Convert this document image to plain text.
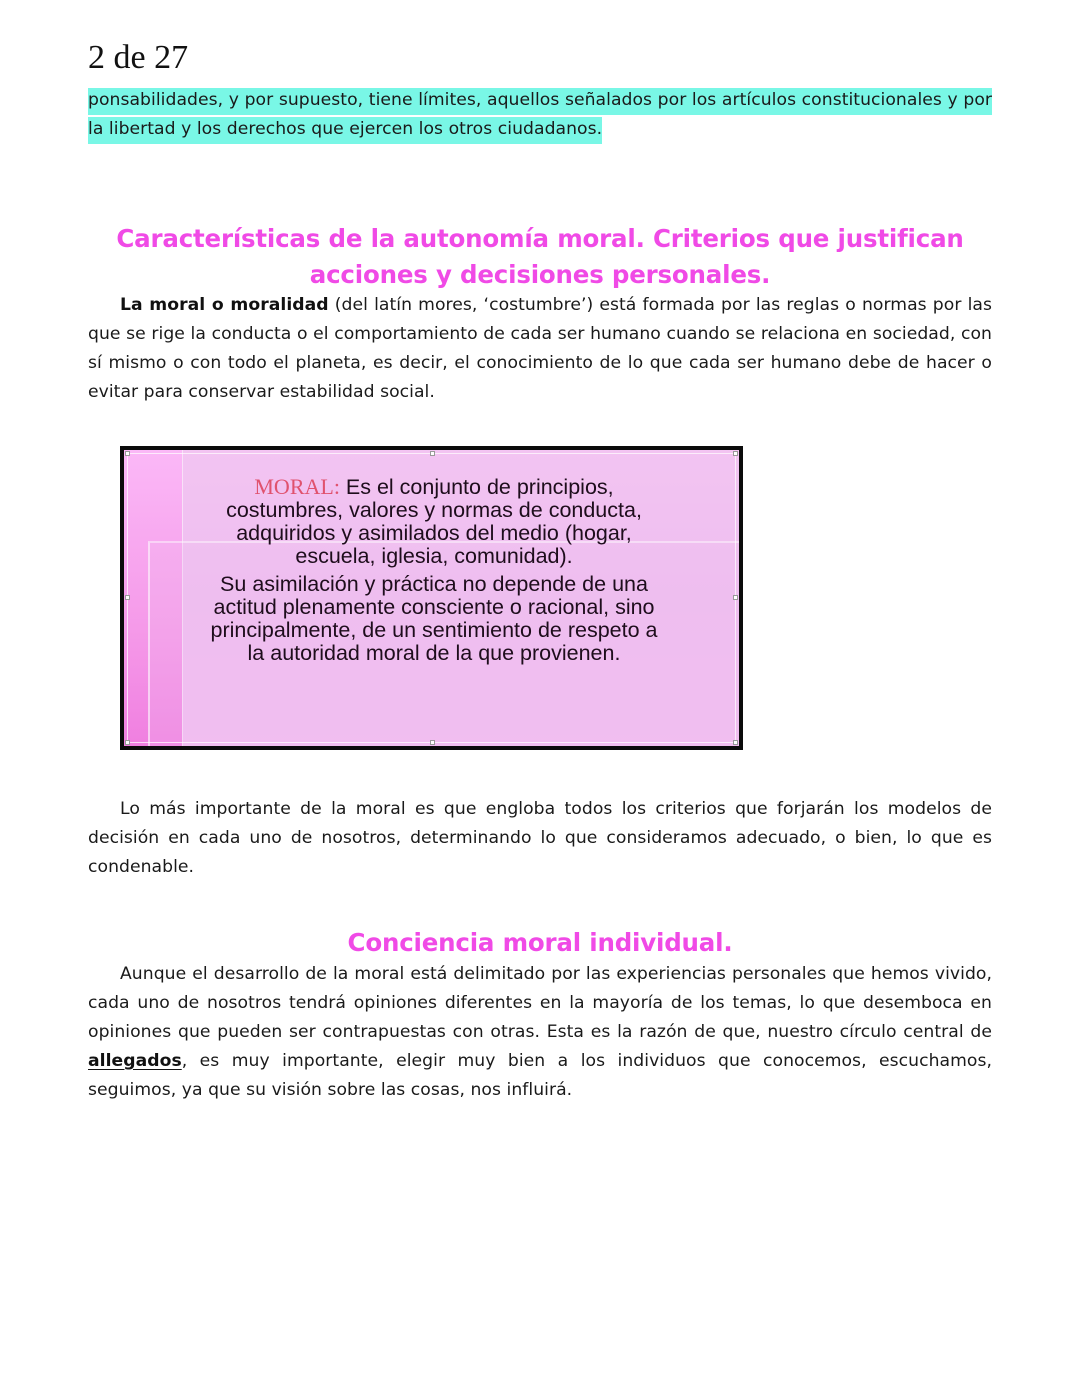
2 de 27
ponsabilidades, y por supuesto, tiene límites, aquellos señalados por los artículos constitucionales y por la libertad y los derechos que ejercen los otros ciudadanos.
Características de la autonomía moral. Criterios que justifican acciones y decisiones personales.
La moral o moralidad (del latín mores, ‘costumbre’) está formada por las reglas o normas por las que se rige la conducta o el comportamiento de cada ser humano cuando se relaciona en sociedad, con sí mismo o con todo el planeta, es decir, el conocimiento de lo que cada ser humano debe de hacer o evitar para conservar estabilidad social.

MORAL: Es el conjunto de principios, costumbres, valores y normas de conducta, adquiridos y asimilados del medio (hogar, escuela, iglesia, comunidad).

Su asimilación y práctica no depende de una actitud plenamente consciente o racional, sino principalmente, de un sentimiento de respeto a la autoridad moral de la que provienen.

Lo más importante de la moral es que engloba todos los criterios que forjarán los modelos de decisión en cada uno de nosotros, determinando lo que consideramos adecuado, o bien, lo que es condenable.
Conciencia moral individual.
Aunque el desarrollo de la moral está delimitado por las experiencias personales que hemos vivido, cada uno de nosotros tendrá opiniones diferentes en la mayoría de los temas, lo que desemboca en opiniones que pueden ser contrapuestas con otras. Esta es la razón de que, nuestro círculo central de allegados, es muy importante, elegir muy bien a los individuos que conocemos, escuchamos, seguimos, ya que su visión sobre las cosas, nos influirá.
